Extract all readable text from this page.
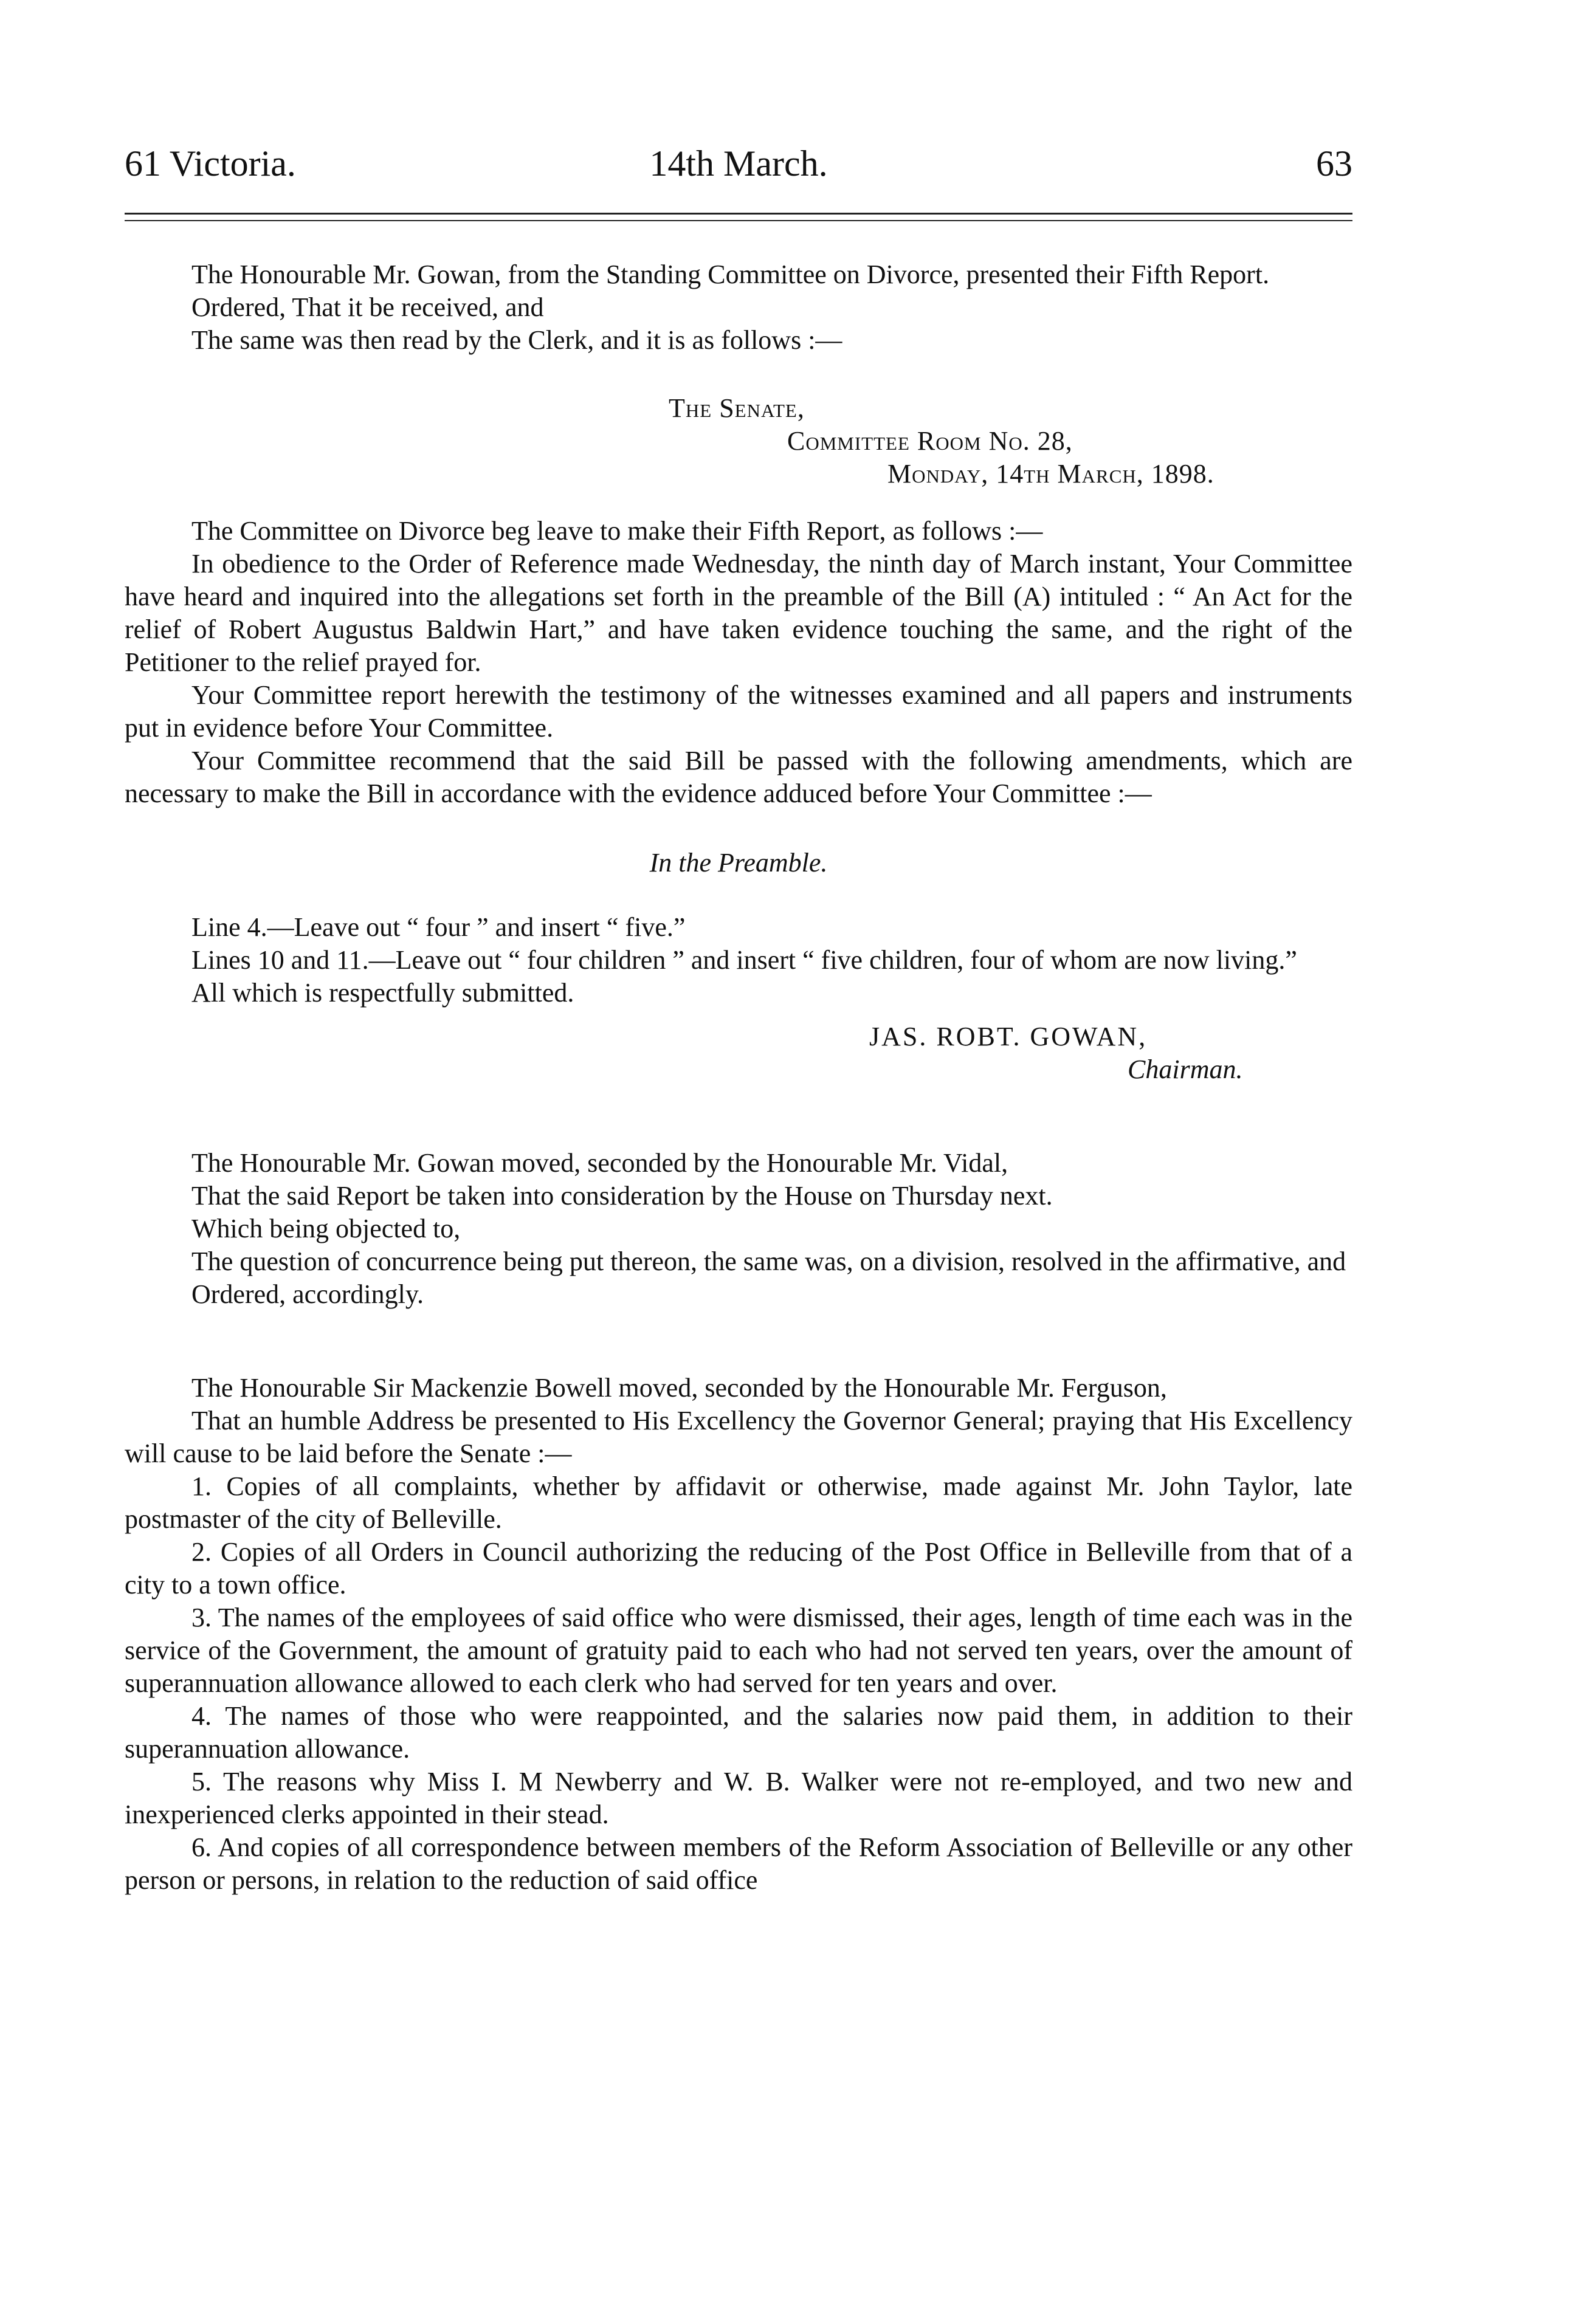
61 Victoria.	14th March.	63

The Honourable Mr. Gowan, from the Standing Committee on Divorce, presented their Fifth Report.

Ordered, That it be received, and

The same was then read by the Clerk, and it is as follows :—

The Senate,
Committee Room No. 28,
Monday, 14th March, 1898.

The Committee on Divorce beg leave to make their Fifth Report, as follows :—

In obedience to the Order of Reference made Wednesday, the ninth day of March instant, Your Committee have heard and inquired into the allegations set forth in the preamble of the Bill (A) intituled : “ An Act for the relief of Robert Augustus Baldwin Hart,” and have taken evidence touching the same, and the right of the Petitioner to the relief prayed for.

Your Committee report herewith the testimony of the witnesses examined and all papers and instruments put in evidence before Your Committee.

Your Committee recommend that the said Bill be passed with the following amendments, which are necessary to make the Bill in accordance with the evidence adduced before Your Committee :—

In the Preamble.

Line 4.—Leave out “ four ” and insert “ five.”

Lines 10 and 11.—Leave out “ four children ” and insert “ five children, four of whom are now living.”

All which is respectfully submitted.

JAS. ROBT. GOWAN,
Chairman.

The Honourable Mr. Gowan moved, seconded by the Honourable Mr. Vidal,

That the said Report be taken into consideration by the House on Thursday next.

Which being objected to,

The question of concurrence being put thereon, the same was, on a division, resolved in the affirmative, and

Ordered, accordingly.

The Honourable Sir Mackenzie Bowell moved, seconded by the Honourable Mr. Ferguson,

That an humble Address be presented to His Excellency the Governor General; praying that His Excellency will cause to be laid before the Senate :—

1. Copies of all complaints, whether by affidavit or otherwise, made against Mr. John Taylor, late postmaster of the city of Belleville.

2. Copies of all Orders in Council authorizing the reducing of the Post Office in Belleville from that of a city to a town office.

3. The names of the employees of said office who were dismissed, their ages, length of time each was in the service of the Government, the amount of gratuity paid to each who had not served ten years, over the amount of superannuation allowance allowed to each clerk who had served for ten years and over.

4. The names of those who were reappointed, and the salaries now paid them, in addition to their superannuation allowance.

5. The reasons why Miss I. M Newberry and W. B. Walker were not re-employed, and two new and inexperienced clerks appointed in their stead.

6. And copies of all correspondence between members of the Reform Association of Belleville or any other person or persons, in relation to the reduction of said office
